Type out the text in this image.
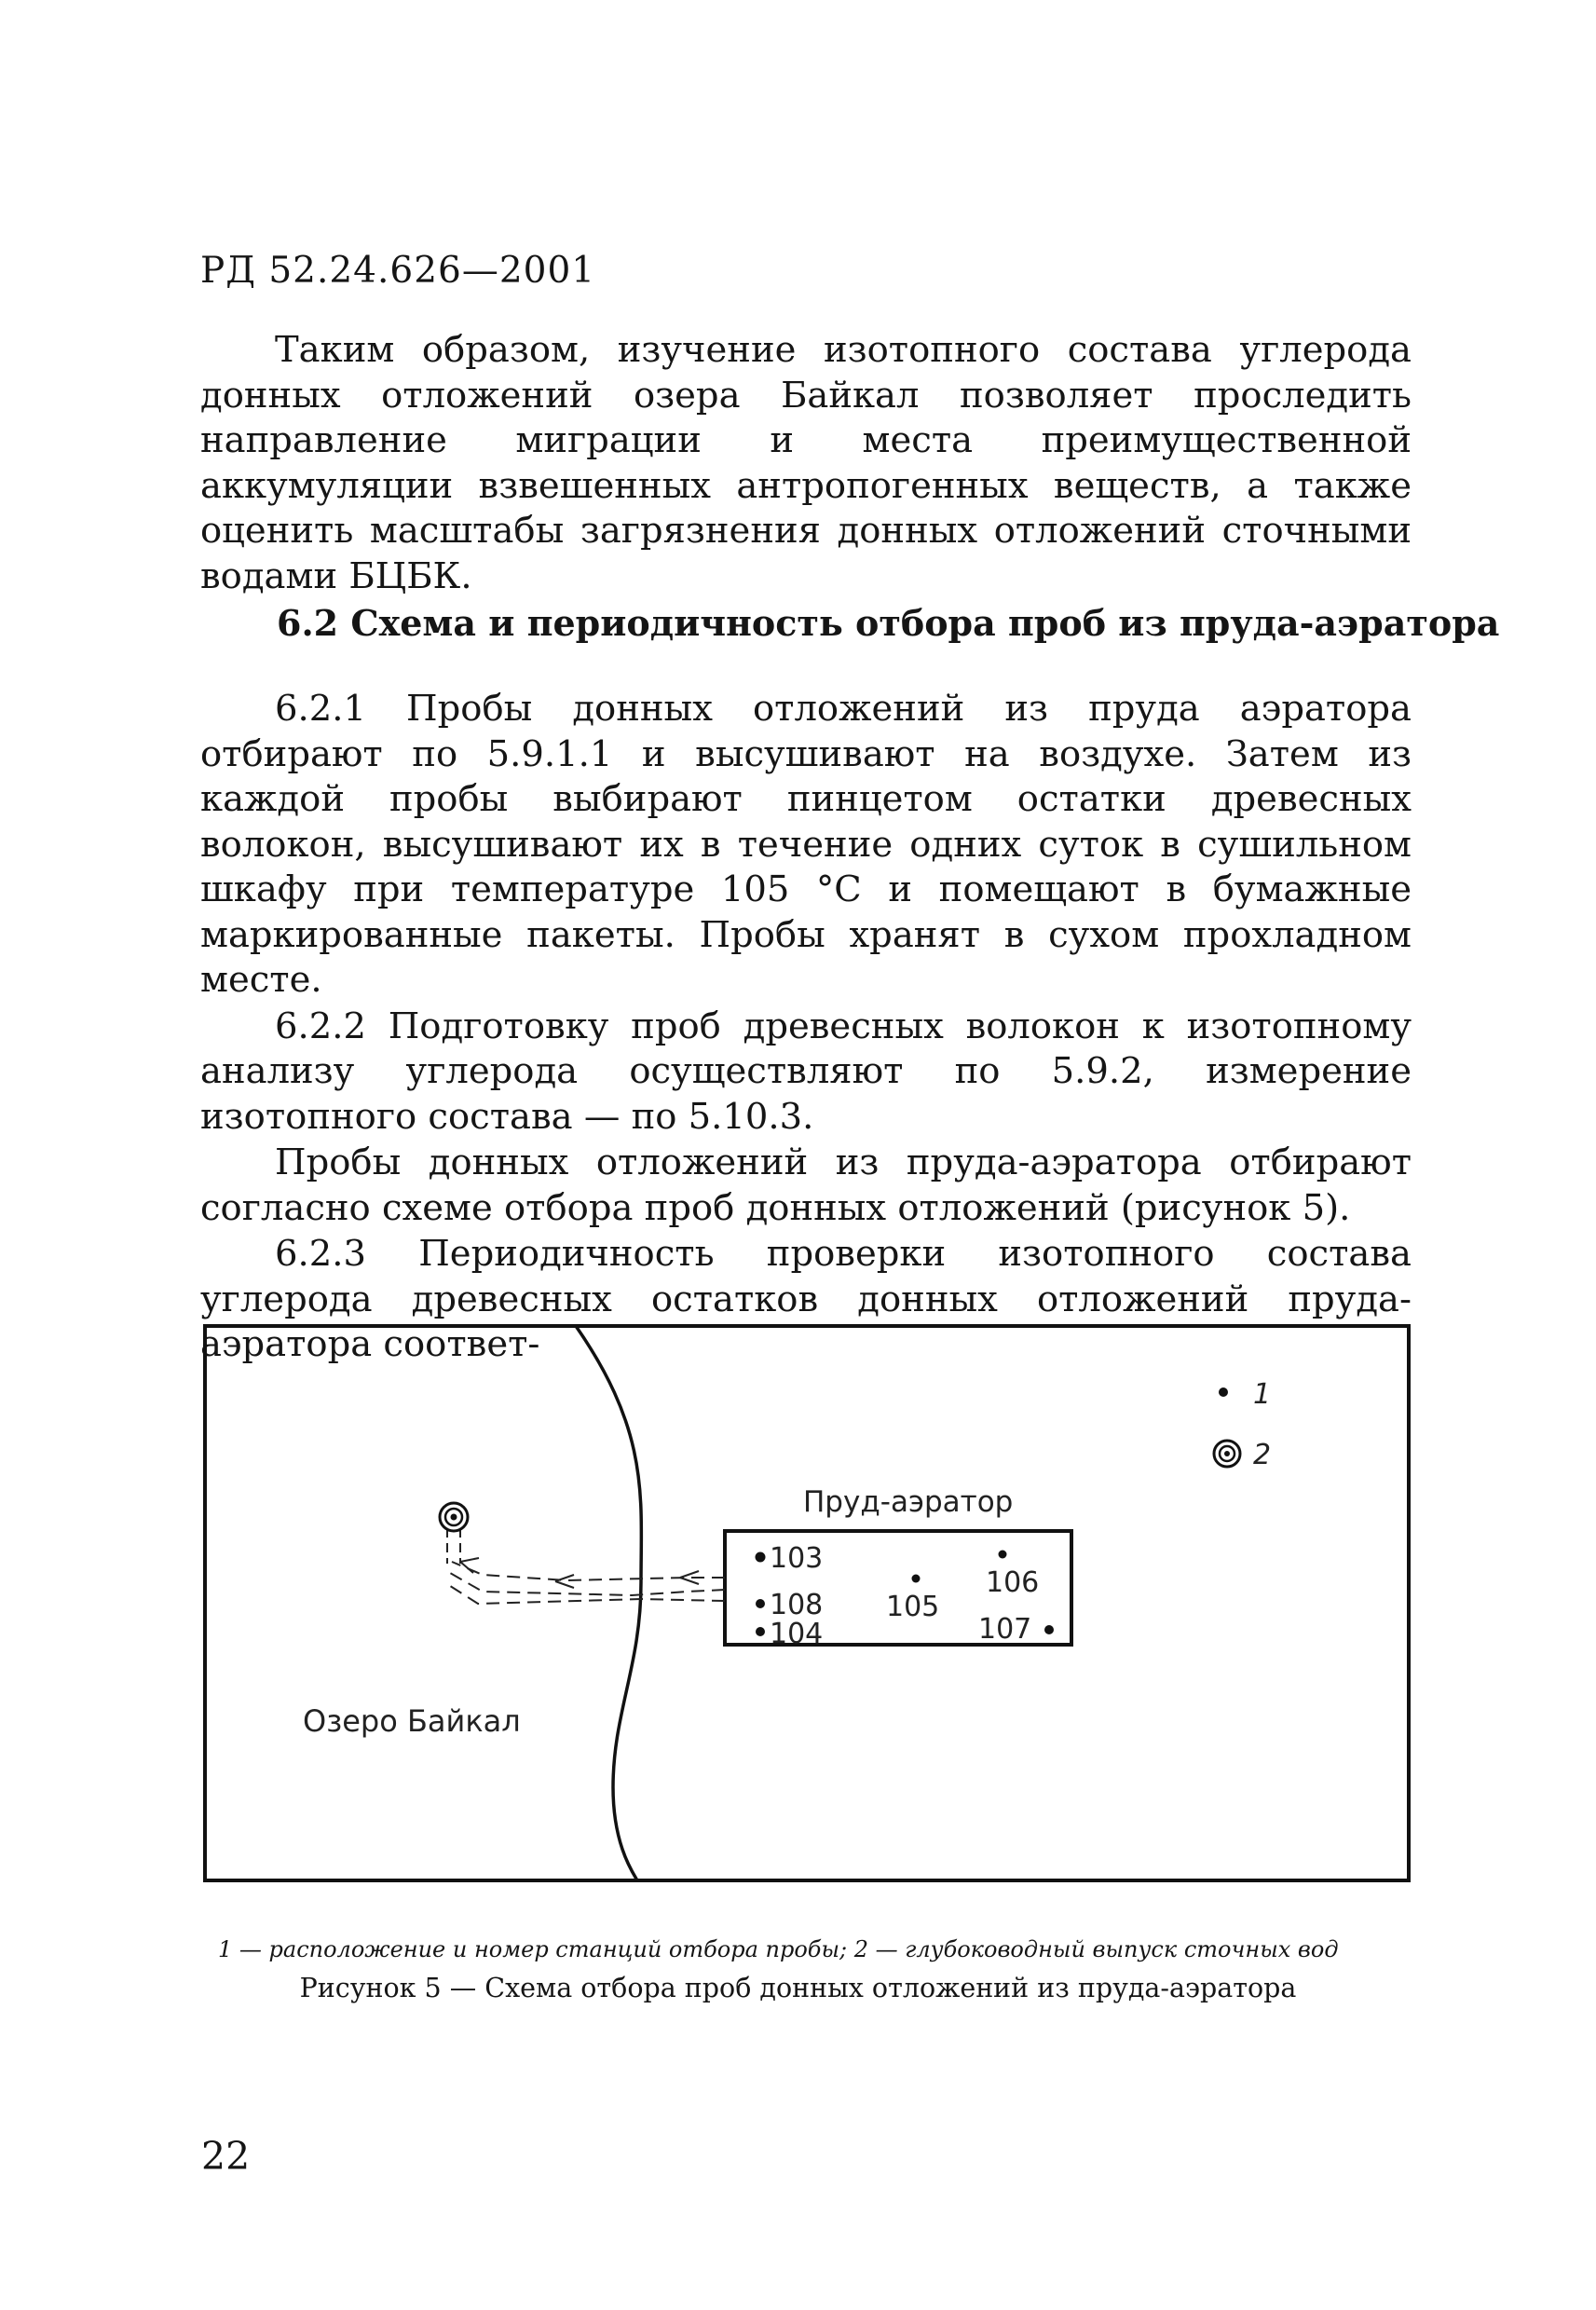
РД 52.24.626—2001

Таким образом, изучение изотопного состава углерода донных отложений озера Байкал позволяет проследить направление миграции и места преимущественной аккумуляции взвешенных антропогенных веществ, а также оценить масштабы загрязнения донных отложений сточными водами БЦБК.

6.2 Схема и периодичность отбора проб из пруда-аэратора

6.2.1 Пробы донных отложений из пруда аэратора отбирают по 5.9.1.1 и высушивают на воздухе. Затем из каждой пробы выбирают пинцетом остатки древесных волокон, высушивают их в течение одних суток в сушильном шкафу при температуре 105 °С и помещают в бумажные маркированные пакеты. Пробы хранят в сухом прохладном месте.

6.2.2 Подготовку проб древесных волокон к изотопному анализу углерода осуществляют по 5.9.2, измерение изотопного состава — по 5.10.3.

Пробы донных отложений из пруда-аэратора отбирают согласно схеме отбора проб донных отложений (рисунок 5).

6.2.3 Периодичность проверки изотопного состава углерода древесных остатков донных отложений пруда-аэратора соответ-

103
106
105
108
104	107
Пруд-аэратор
Озеро Байкал
1
2
1 — расположение и номер станций отбора пробы; 2 — глубоководный выпуск сточных вод
Рисунок 5 — Схема отбора проб донных отложений из пруда-аэратора
22
